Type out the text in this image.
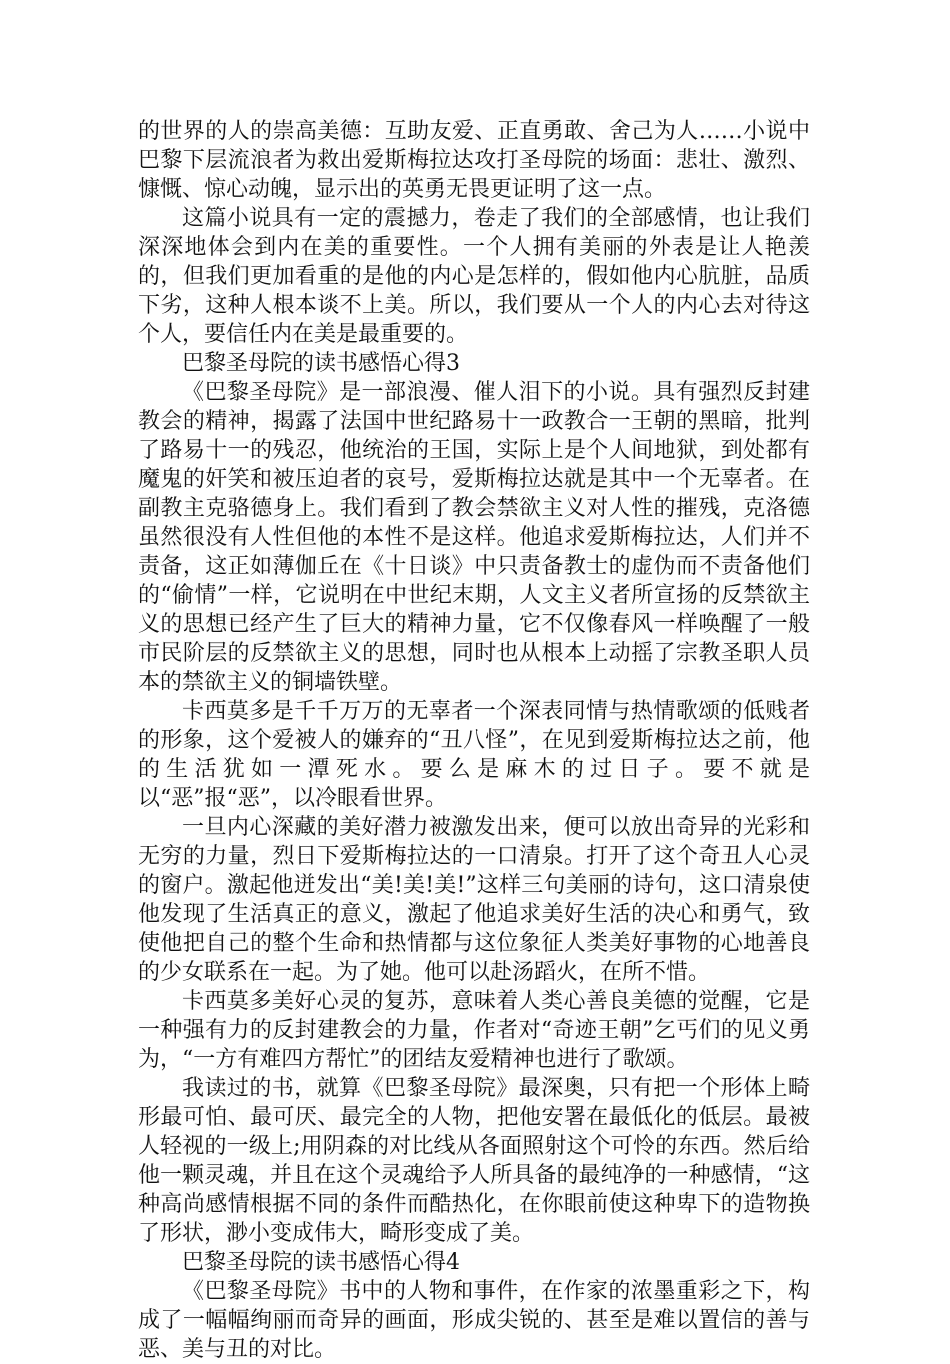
的世界的人的崇高美德：互助友爱、正直勇敢、舍己为人……小说中巴黎下层流浪者为救出爱斯梅拉达攻打圣母院的场面：悲壮、激烈、慷慨、惊心动魄，显示出的英勇无畏更证明了这一点。

这篇小说具有一定的震撼力，卷走了我们的全部感情，也让我们深深地体会到内在美的重要性。一个人拥有美丽的外表是让人艳羡的，但我们更加看重的是他的内心是怎样的，假如他内心肮脏，品质下劣，这种人根本谈不上美。所以，我们要从一个人的内心去对待这个人，要信任内在美是最重要的。

巴黎圣母院的读书感悟心得3

《巴黎圣母院》是一部浪漫、催人泪下的小说。具有强烈反封建教会的精神，揭露了法国中世纪路易十一政教合一王朝的黑暗，批判了路易十一的残忍，他统治的王国，实际上是个人间地狱，到处都有魔鬼的奸笑和被压迫者的哀号，爱斯梅拉达就是其中一个无辜者。在副教主克骆德身上。我们看到了教会禁欲主义对人性的摧残，克洛德虽然很没有人性但他的本性不是这样。他追求爱斯梅拉达，人们并不责备，这正如薄伽丘在《十日谈》中只责备教士的虚伪而不责备他们的“偷情”一样，它说明在中世纪末期，人文主义者所宣扬的反禁欲主义的思想已经产生了巨大的精神力量，它不仅像春风一样唤醒了一般市民阶层的反禁欲主义的思想，同时也从根本上动摇了宗教圣职人员本的禁欲主义的铜墙铁壁。

卡西莫多是千千万万的无辜者一个深表同情与热情歌颂的低贱者的形象，这个爱被人的嫌弃的“丑八怪”，在见到爱斯梅拉达之前，他的生活犹如一潭死水。要么是麻木的过日子。要不就是以“恶”报“恶”，以冷眼看世界。

一旦内心深藏的美好潜力被激发出来，便可以放出奇异的光彩和无穷的力量，烈日下爱斯梅拉达的一口清泉。打开了这个奇丑人心灵的窗户。激起他迸发出“美!美!美!”这样三句美丽的诗句，这口清泉使他发现了生活真正的意义，激起了他追求美好生活的决心和勇气，致使他把自己的整个生命和热情都与这位象征人类美好事物的心地善良的少女联系在一起。为了她。他可以赴汤蹈火，在所不惜。

卡西莫多美好心灵的复苏，意味着人类心善良美德的觉醒，它是一种强有力的反封建教会的力量，作者对“奇迹王朝”乞丐们的见义勇为，“一方有难四方帮忙”的团结友爱精神也进行了歌颂。

我读过的书，就算《巴黎圣母院》最深奥，只有把一个形体上畸形最可怕、最可厌、最完全的人物，把他安署在最低化的低层。最被人轻视的一级上;用阴森的对比线从各面照射这个可怜的东西。然后给他一颗灵魂，并且在这个灵魂给予人所具备的最纯净的一种感情，“这种高尚感情根据不同的条件而酷热化，在你眼前使这种卑下的造物换了形状，渺小变成伟大，畸形变成了美。

巴黎圣母院的读书感悟心得4

《巴黎圣母院》书中的人物和事件，在作家的浓墨重彩之下，构成了一幅幅绚丽而奇异的画面，形成尖锐的、甚至是难以置信的善与恶、美与丑的对比。
